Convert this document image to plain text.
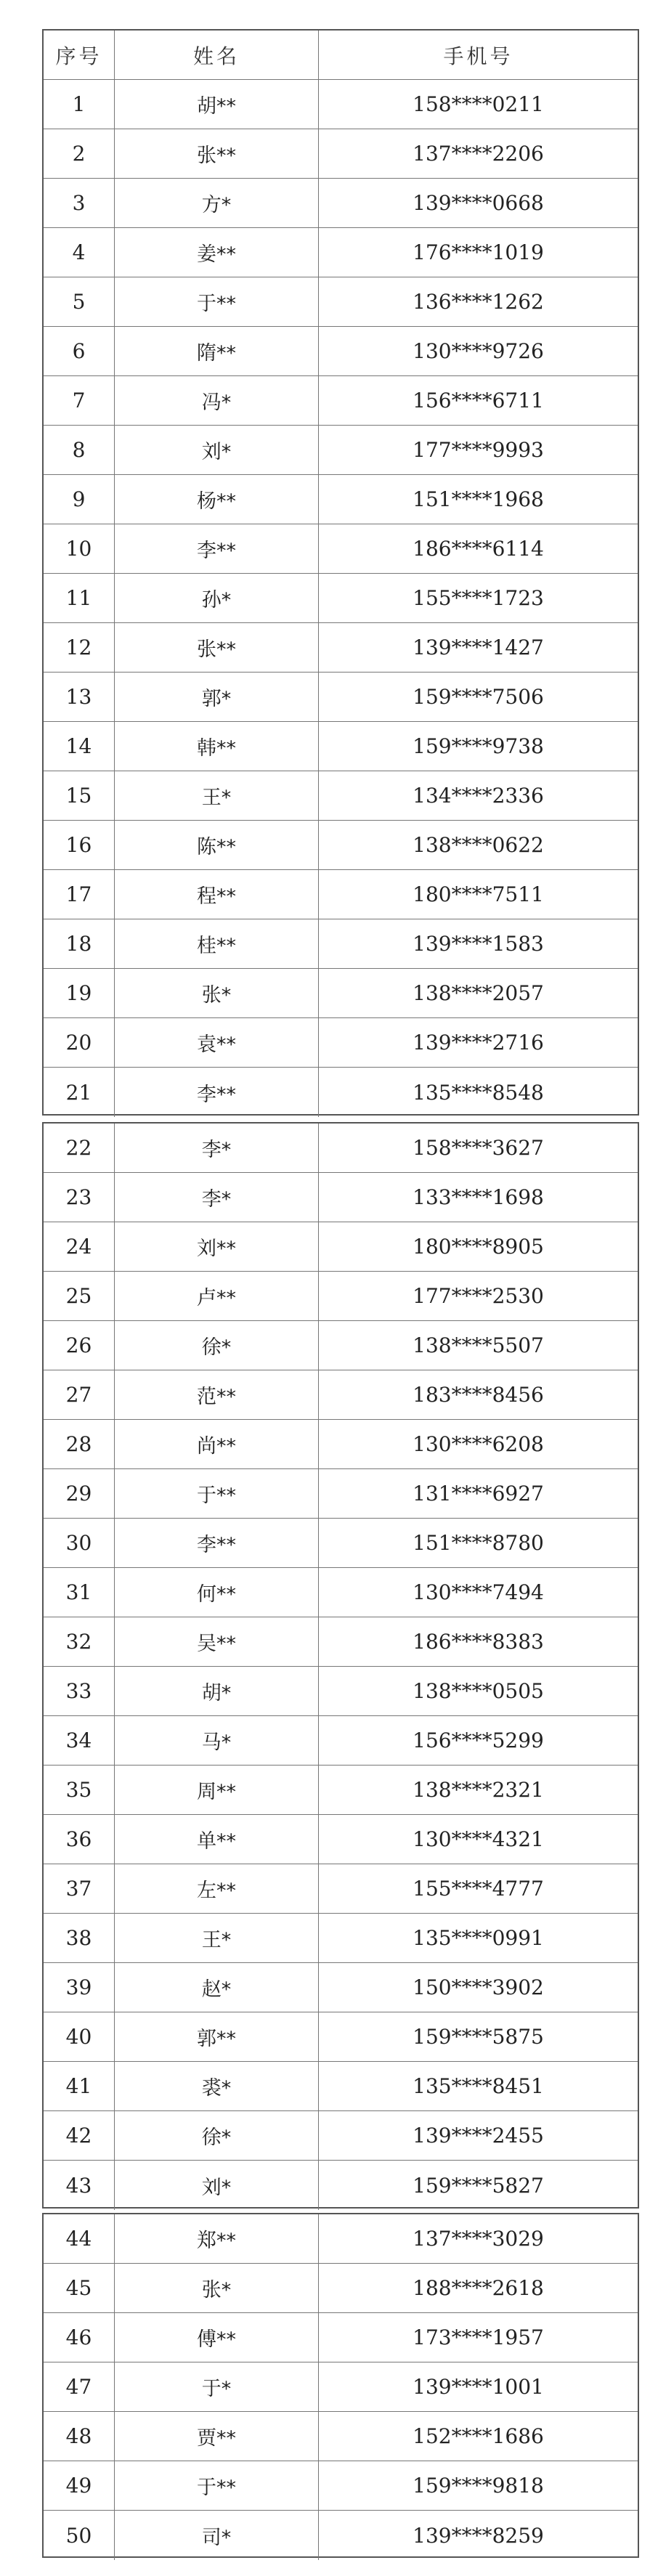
序号	姓名	手机号
1	胡**	158****0211
2	张**	137****2206
3	方*	139****0668
4	姜**	176****1019
5	于**	136****1262
6	隋**	130****9726
7	冯*	156****6711
8	刘*	177****9993
9	杨**	151****1968
10	李**	186****6114
11	孙*	155****1723
12	张**	139****1427
13	郭*	159****7506
14	韩**	159****9738
15	王*	134****2336
16	陈**	138****0622
17	程**	180****7511
18	桂**	139****1583
19	张*	138****2057
20	袁**	139****2716
21	李**	135****8548
22	李*	158****3627
23	李*	133****1698
24	刘**	180****8905
25	卢**	177****2530
26	徐*	138****5507
27	范**	183****8456
28	尚**	130****6208
29	于**	131****6927
30	李**	151****8780
31	何**	130****7494
32	吴**	186****8383
33	胡*	138****0505
34	马*	156****5299
35	周**	138****2321
36	单**	130****4321
37	左**	155****4777
38	王*	135****0991
39	赵*	150****3902
40	郭**	159****5875
41	裘*	135****8451
42	徐*	139****2455
43	刘*	159****5827
44	郑**	137****3029
45	张*	188****2618
46	傅**	173****1957
47	于*	139****1001
48	贾**	152****1686
49	于**	159****9818
50	司*	139****8259
